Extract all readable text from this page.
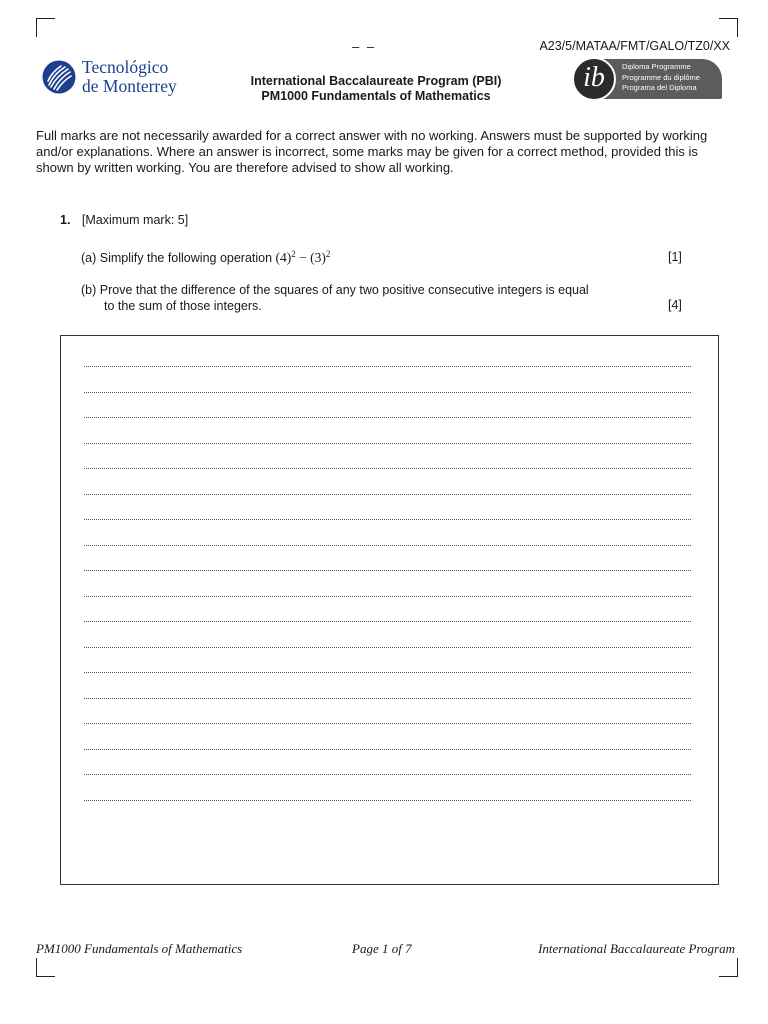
– –	A23/5/MATAA/FMT/GALO/TZ0/XX
Tecnológico
de Monterrey	International Baccalaureate Program (PBI)
PM1000 Fundamentals of Mathematics
ib	Diploma Programme
Programme du diplôme
Programa del Diploma
Full marks are not necessarily awarded for a correct answer with no working. Answers must be supported by working and/or explanations. Where an answer is incorrect, some marks may be given for a correct method, provided this is shown by written working. You are therefore advised to show all working.
1. [Maximum mark: 5]
(a) Simplify the following operation $(4)^2 - (3)^2$	[1]
(b) Prove that the difference of the squares of any two positive consecutive integers is equal
to the sum of those integers.	[4]
PM1000 Fundamentals of Mathematics	Page 1 of 7	International Baccalaureate Program
